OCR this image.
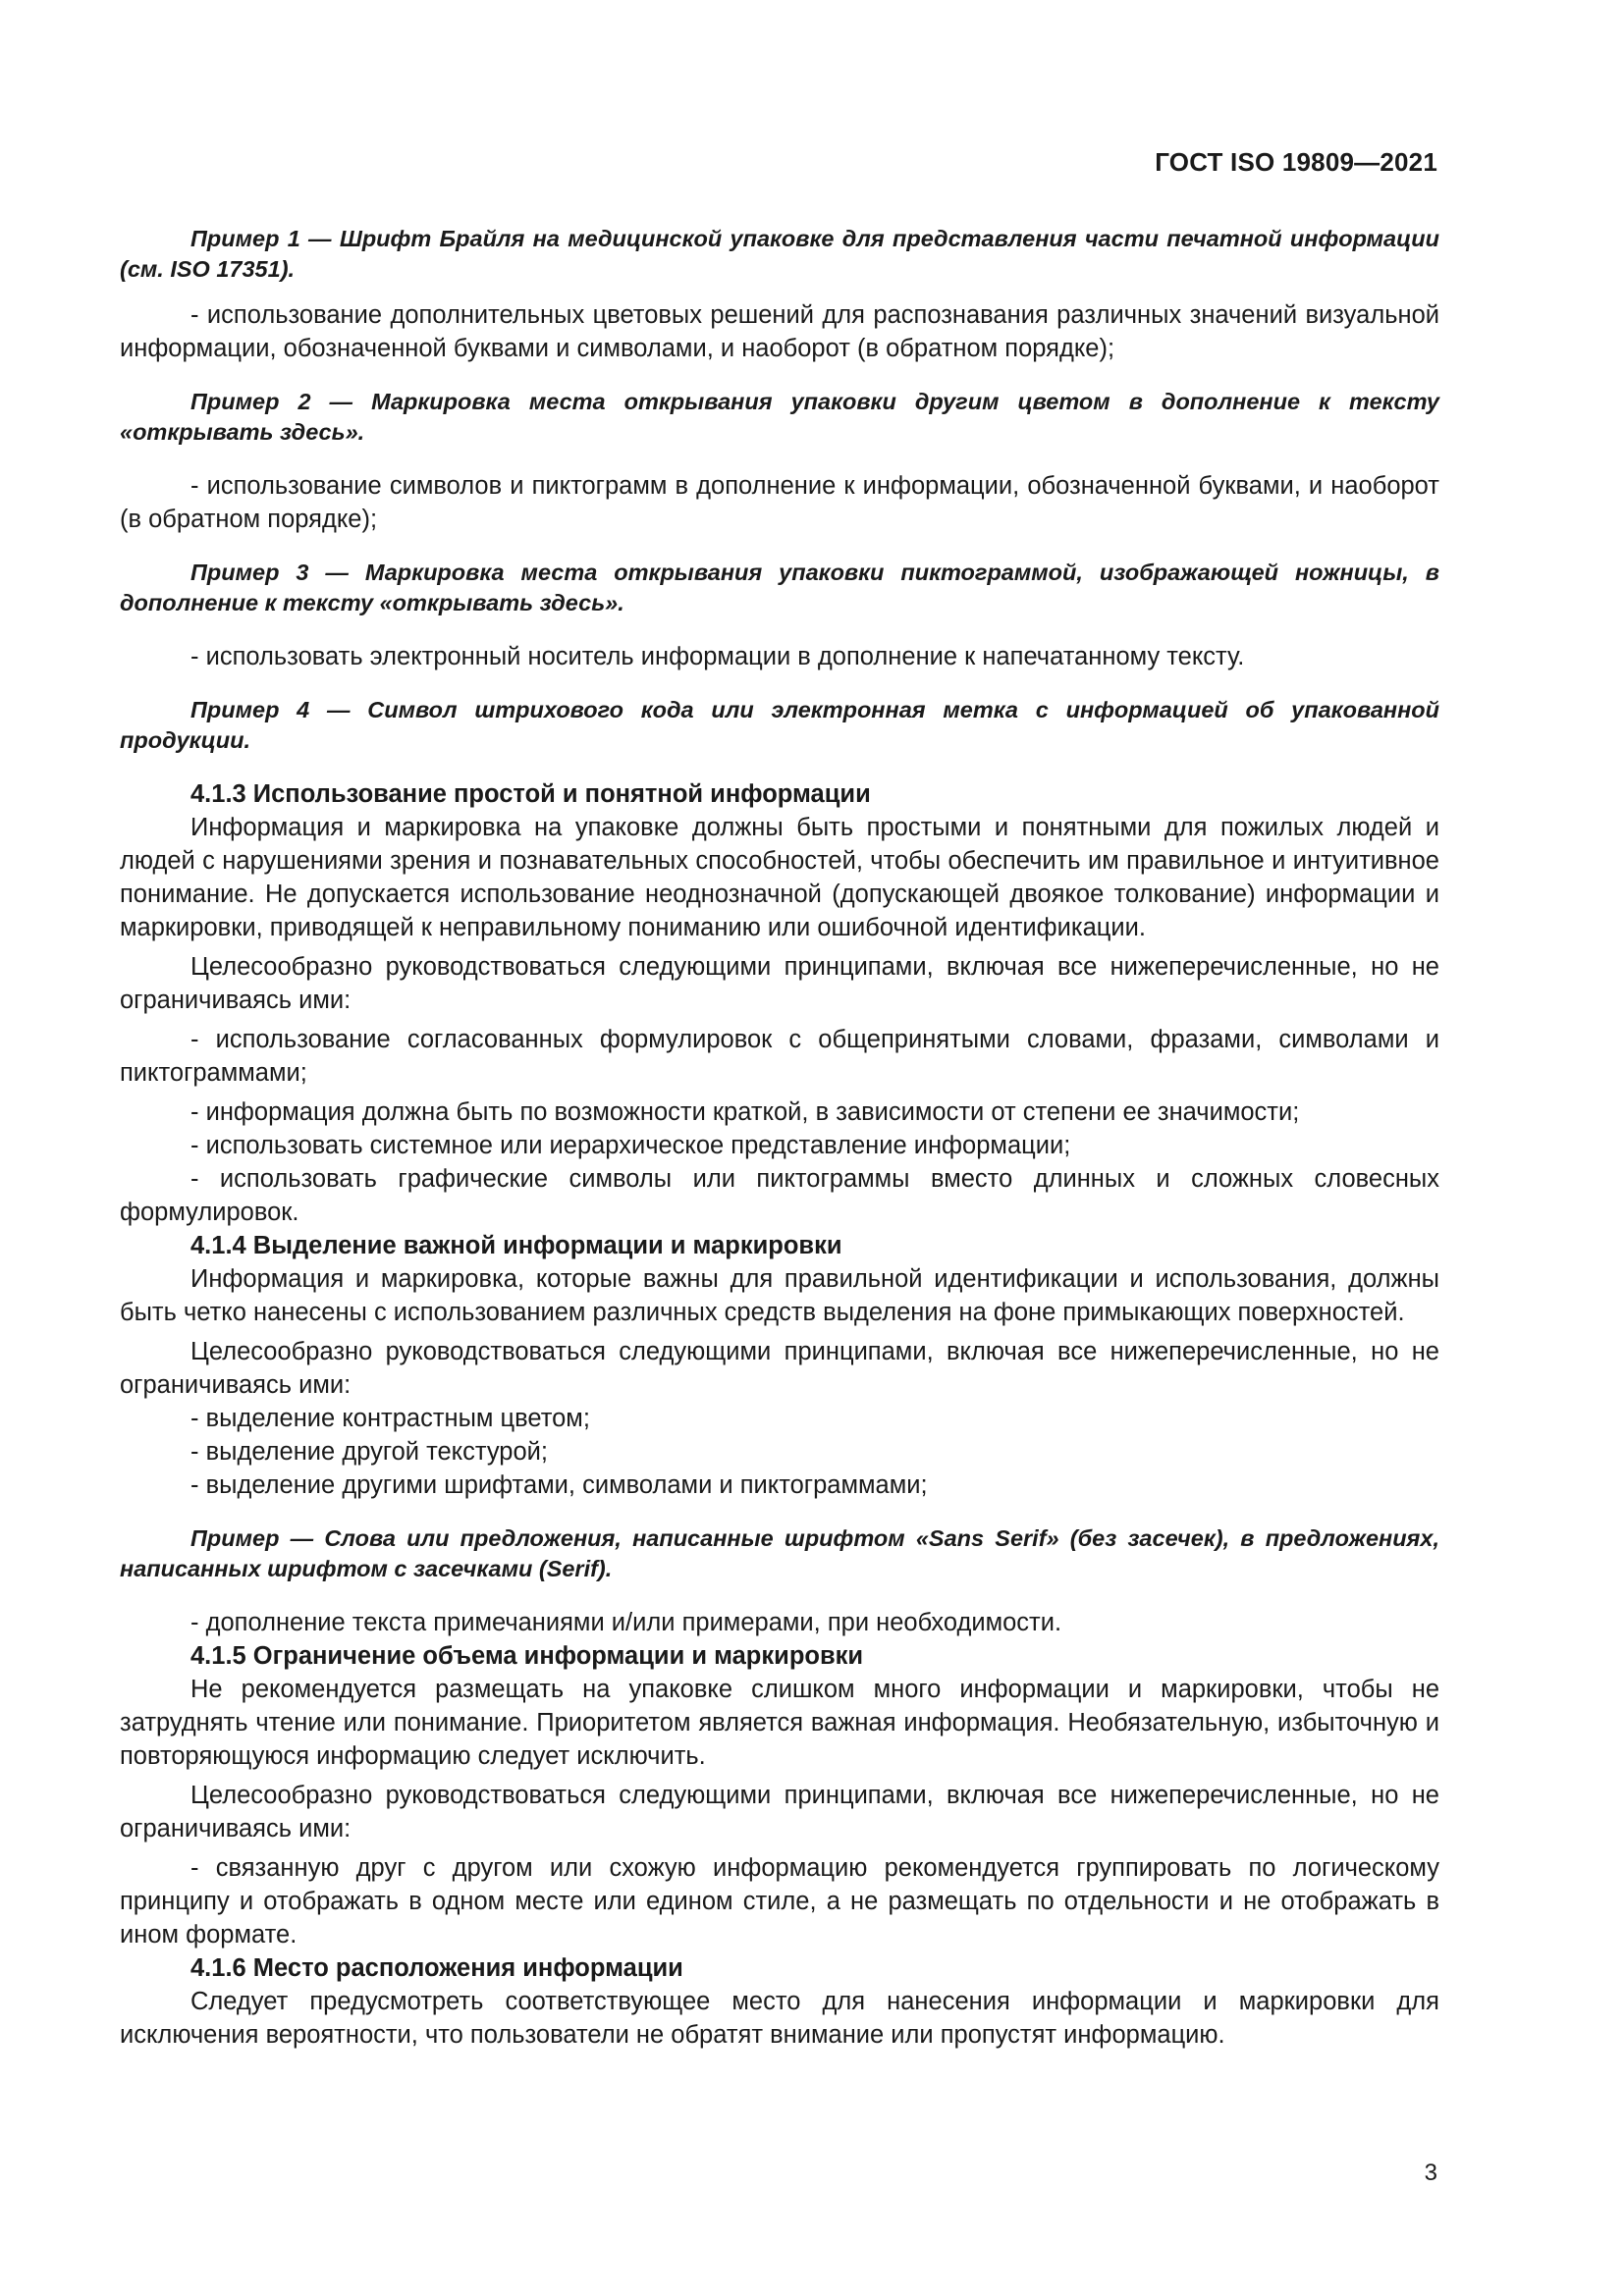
ГОСТ ISO 19809—2021

Пример 1 — Шрифт Брайля на медицинской упаковке для представления части печатной информации (см. ISO 17351).

- использование дополнительных цветовых решений для распознавания различных значений визуальной информации, обозначенной буквами и символами, и наоборот (в обратном порядке);

Пример 2 — Маркировка места открывания упаковки другим цветом в дополнение к тексту «открывать здесь».

- использование символов и пиктограмм в дополнение к информации, обозначенной буквами, и наоборот (в обратном порядке);

Пример 3 — Маркировка места открывания упаковки пиктограммой, изображающей ножницы, в дополнение к тексту «открывать здесь».

- использовать электронный носитель информации в дополнение к напечатанному тексту.

Пример 4 — Символ штрихового кода или электронная метка с информацией об упакованной продукции.

4.1.3 Использование простой и понятной информации

Информация и маркировка на упаковке должны быть простыми и понятными для пожилых людей и людей с нарушениями зрения и познавательных способностей, чтобы обеспечить им правильное и интуитивное понимание. Не допускается использование неоднозначной (допускающей двоякое толкование) информации и маркировки, приводящей к неправильному пониманию или ошибочной идентификации.

Целесообразно руководствоваться следующими принципами, включая все нижеперечисленные, но не ограничиваясь ими:

- использование согласованных формулировок с общепринятыми словами, фразами, символами и пиктограммами;

- информация должна быть по возможности краткой, в зависимости от степени ее значимости;

- использовать системное или иерархическое представление информации;

- использовать графические символы или пиктограммы вместо длинных и сложных словесных формулировок.

4.1.4 Выделение важной информации и маркировки

Информация и маркировка, которые важны для правильной идентификации и использования, должны быть четко нанесены с использованием различных средств выделения на фоне примыкающих поверхностей.

Целесообразно руководствоваться следующими принципами, включая все нижеперечисленные, но не ограничиваясь ими:

- выделение контрастным цветом;

- выделение другой текстурой;

- выделение другими шрифтами, символами и пиктограммами;

Пример — Слова или предложения, написанные шрифтом «Sans Serif» (без засечек), в предложениях, написанных шрифтом с засечками (Serif).

- дополнение текста примечаниями и/или примерами, при необходимости.

4.1.5 Ограничение объема информации и маркировки

Не рекомендуется размещать на упаковке слишком много информации и маркировки, чтобы не затруднять чтение или понимание. Приоритетом является важная информация. Необязательную, избыточную и повторяющуюся информацию следует исключить.

Целесообразно руководствоваться следующими принципами, включая все нижеперечисленные, но не ограничиваясь ими:

- связанную друг с другом или схожую информацию рекомендуется группировать по логическому принципу и отображать в одном месте или едином стиле, а не размещать по отдельности и не отображать в ином формате.

4.1.6 Место расположения информации

Следует предусмотреть соответствующее место для нанесения информации и маркировки для исключения вероятности, что пользователи не обратят внимание или пропустят информацию.

3
